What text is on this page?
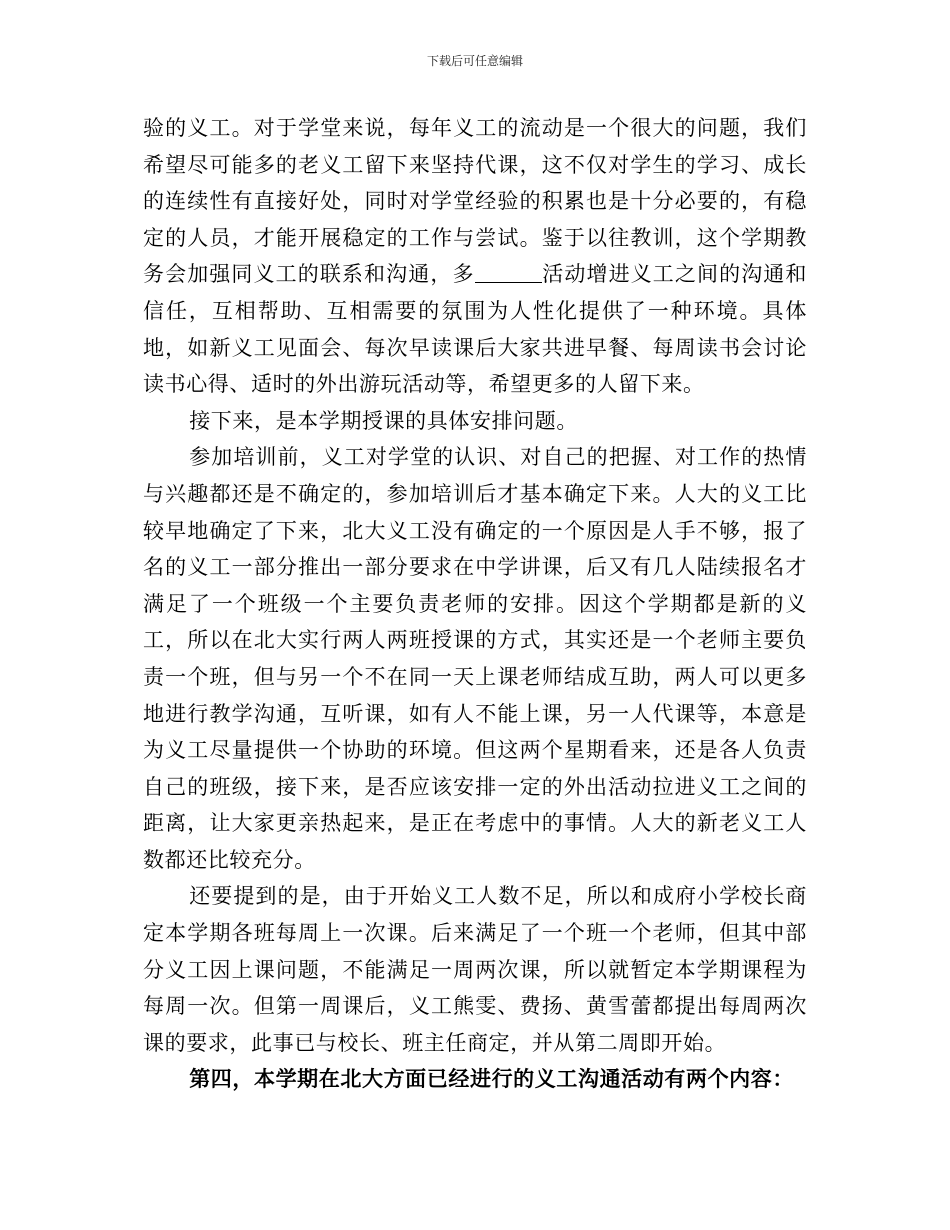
下载后可任意编辑

验的义工。对于学堂来说，每年义工的流动是一个很大的问题，我们希望尽可能多的老义工留下来坚持代课，这不仅对学生的学习、成长的连续性有直接好处，同时对学堂经验的积累也是十分必要的，有稳定的人员，才能开展稳定的工作与尝试。鉴于以往教训，这个学期教务会加强同义工的联系和沟通，多	活动增进义工之间的沟通和信任，互相帮助、互相需要的氛围为人性化提供了一种环境。具体地，如新义工见面会、每次早读课后大家共进早餐、每周读书会讨论读书心得、适时的外出游玩活动等，希望更多的人留下来。

接下来，是本学期授课的具体安排问题。

参加培训前，义工对学堂的认识、对自己的把握、对工作的热情与兴趣都还是不确定的，参加培训后才基本确定下来。人大的义工比较早地确定了下来，北大义工没有确定的一个原因是人手不够，报了名的义工一部分推出一部分要求在中学讲课，后又有几人陆续报名才满足了一个班级一个主要负责老师的安排。因这个学期都是新的义工，所以在北大实行两人两班授课的方式，其实还是一个老师主要负责一个班，但与另一个不在同一天上课老师结成互助，两人可以更多地进行教学沟通，互听课，如有人不能上课，另一人代课等，本意是为义工尽量提供一个协助的环境。但这两个星期看来，还是各人负责自己的班级，接下来，是否应该安排一定的外出活动拉进义工之间的距离，让大家更亲热起来，是正在考虑中的事情。人大的新老义工人数都还比较充分。

还要提到的是，由于开始义工人数不足，所以和成府小学校长商定本学期各班每周上一次课。后来满足了一个班一个老师，但其中部分义工因上课问题，不能满足一周两次课，所以就暂定本学期课程为每周一次。但第一周课后，义工熊雯、费扬、黄雪蕾都提出每周两次课的要求，此事已与校长、班主任商定，并从第二周即开始。

第四，本学期在北大方面已经进行的义工沟通活动有两个内容：
